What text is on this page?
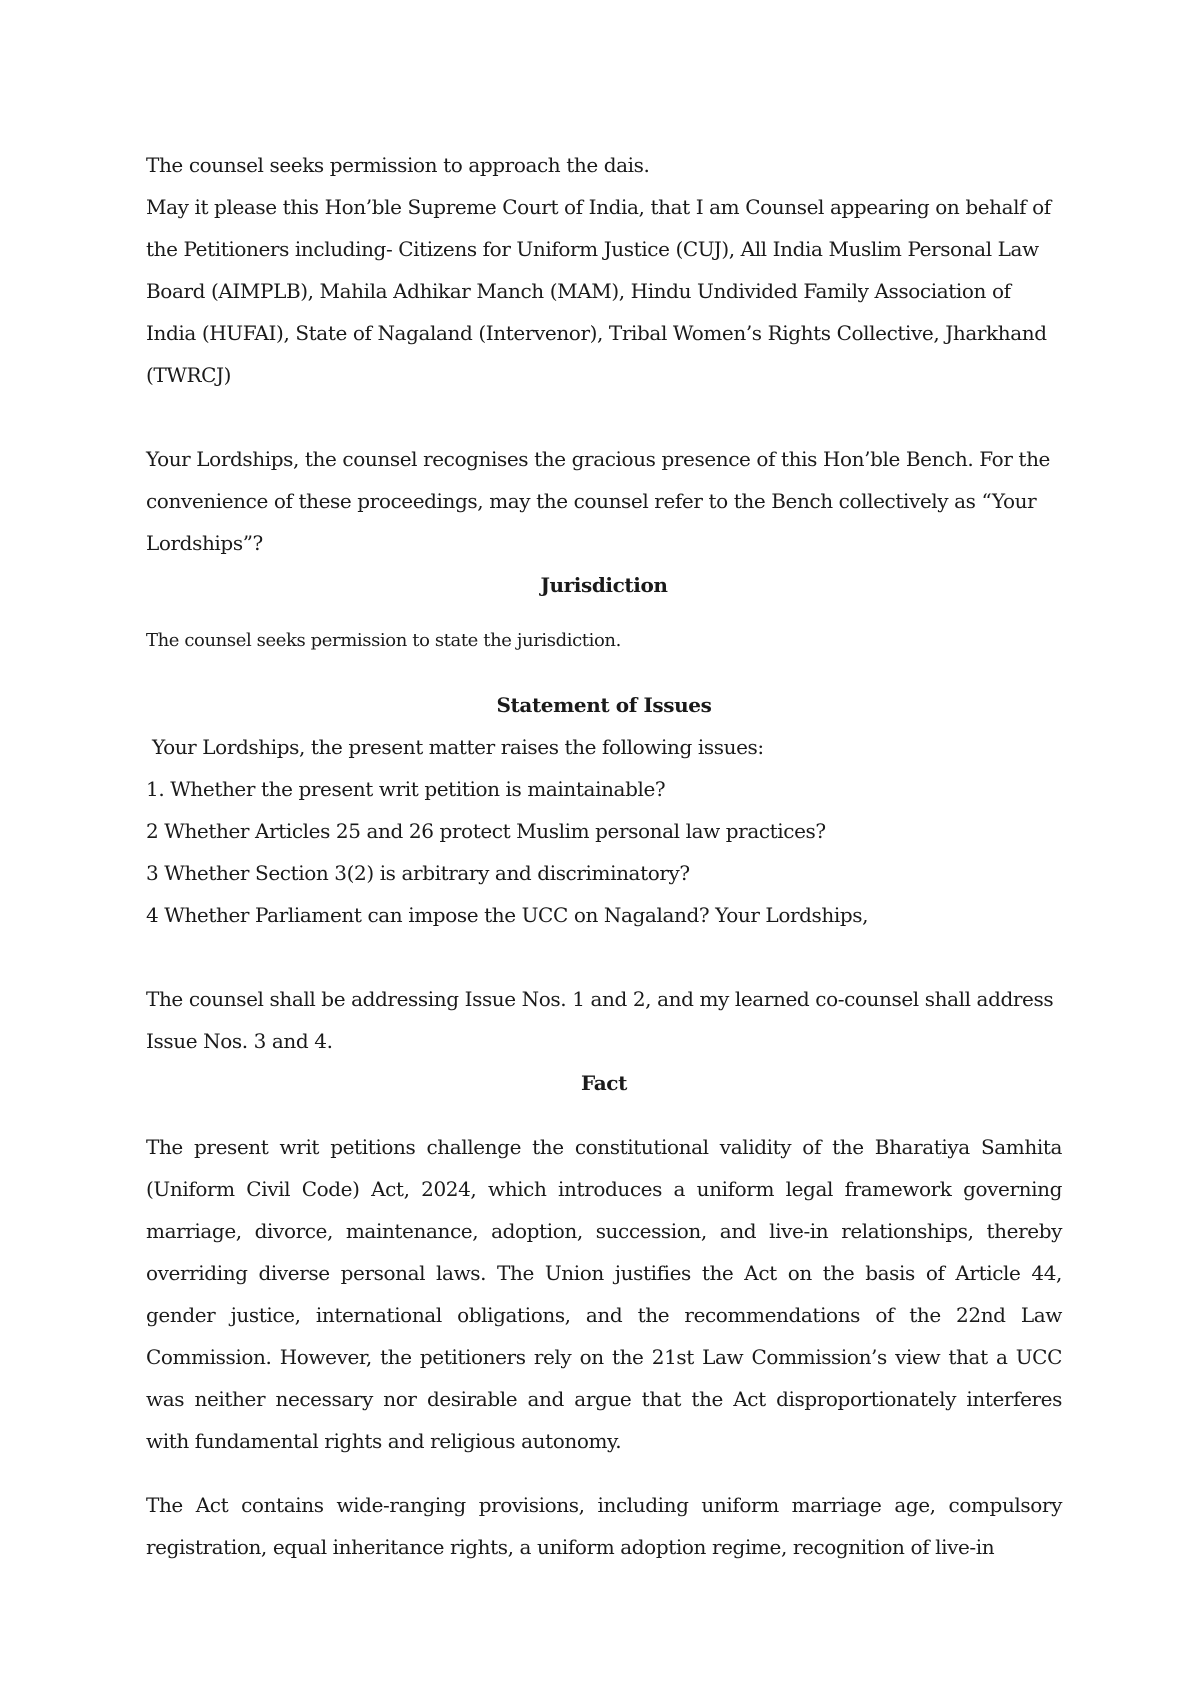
The counsel seeks permission to approach the dais.

May it please this Hon’ble Supreme Court of India, that I am Counsel appearing on behalf of the Petitioners including- Citizens for Uniform Justice (CUJ), All India Muslim Personal Law Board (AIMPLB), Mahila Adhikar Manch (MAM), Hindu Undivided Family Association of India (HUFAI), State of Nagaland (Intervenor), Tribal Women’s Rights Collective, Jharkhand (TWRCJ)

Your Lordships, the counsel recognises the gracious presence of this Hon’ble Bench. For the convenience of these proceedings, may the counsel refer to the Bench collectively as “Your Lordships”?

Jurisdiction

The counsel seeks permission to state the jurisdiction.

Statement of Issues

Your Lordships, the present matter raises the following issues:

1. Whether the present writ petition is maintainable?

2 Whether Articles 25 and 26 protect Muslim personal law practices?

3 Whether Section 3(2) is arbitrary and discriminatory?

4 Whether Parliament can impose the UCC on Nagaland? Your Lordships,

The counsel shall be addressing Issue Nos. 1 and 2, and my learned co-counsel shall address Issue Nos. 3 and 4.

Fact

The present writ petitions challenge the constitutional validity of the Bharatiya Samhita (Uniform Civil Code) Act, 2024, which introduces a uniform legal framework governing marriage, divorce, maintenance, adoption, succession, and live-in relationships, thereby overriding diverse personal laws. The Union justifies the Act on the basis of Article 44, gender justice, international obligations, and the recommendations of the 22nd Law Commission. However, the petitioners rely on the 21st Law Commission’s view that a UCC was neither necessary nor desirable and argue that the Act disproportionately interferes with fundamental rights and religious autonomy.

The Act contains wide-ranging provisions, including uniform marriage age, compulsory registration, equal inheritance rights, a uniform adoption regime, recognition of live-in
